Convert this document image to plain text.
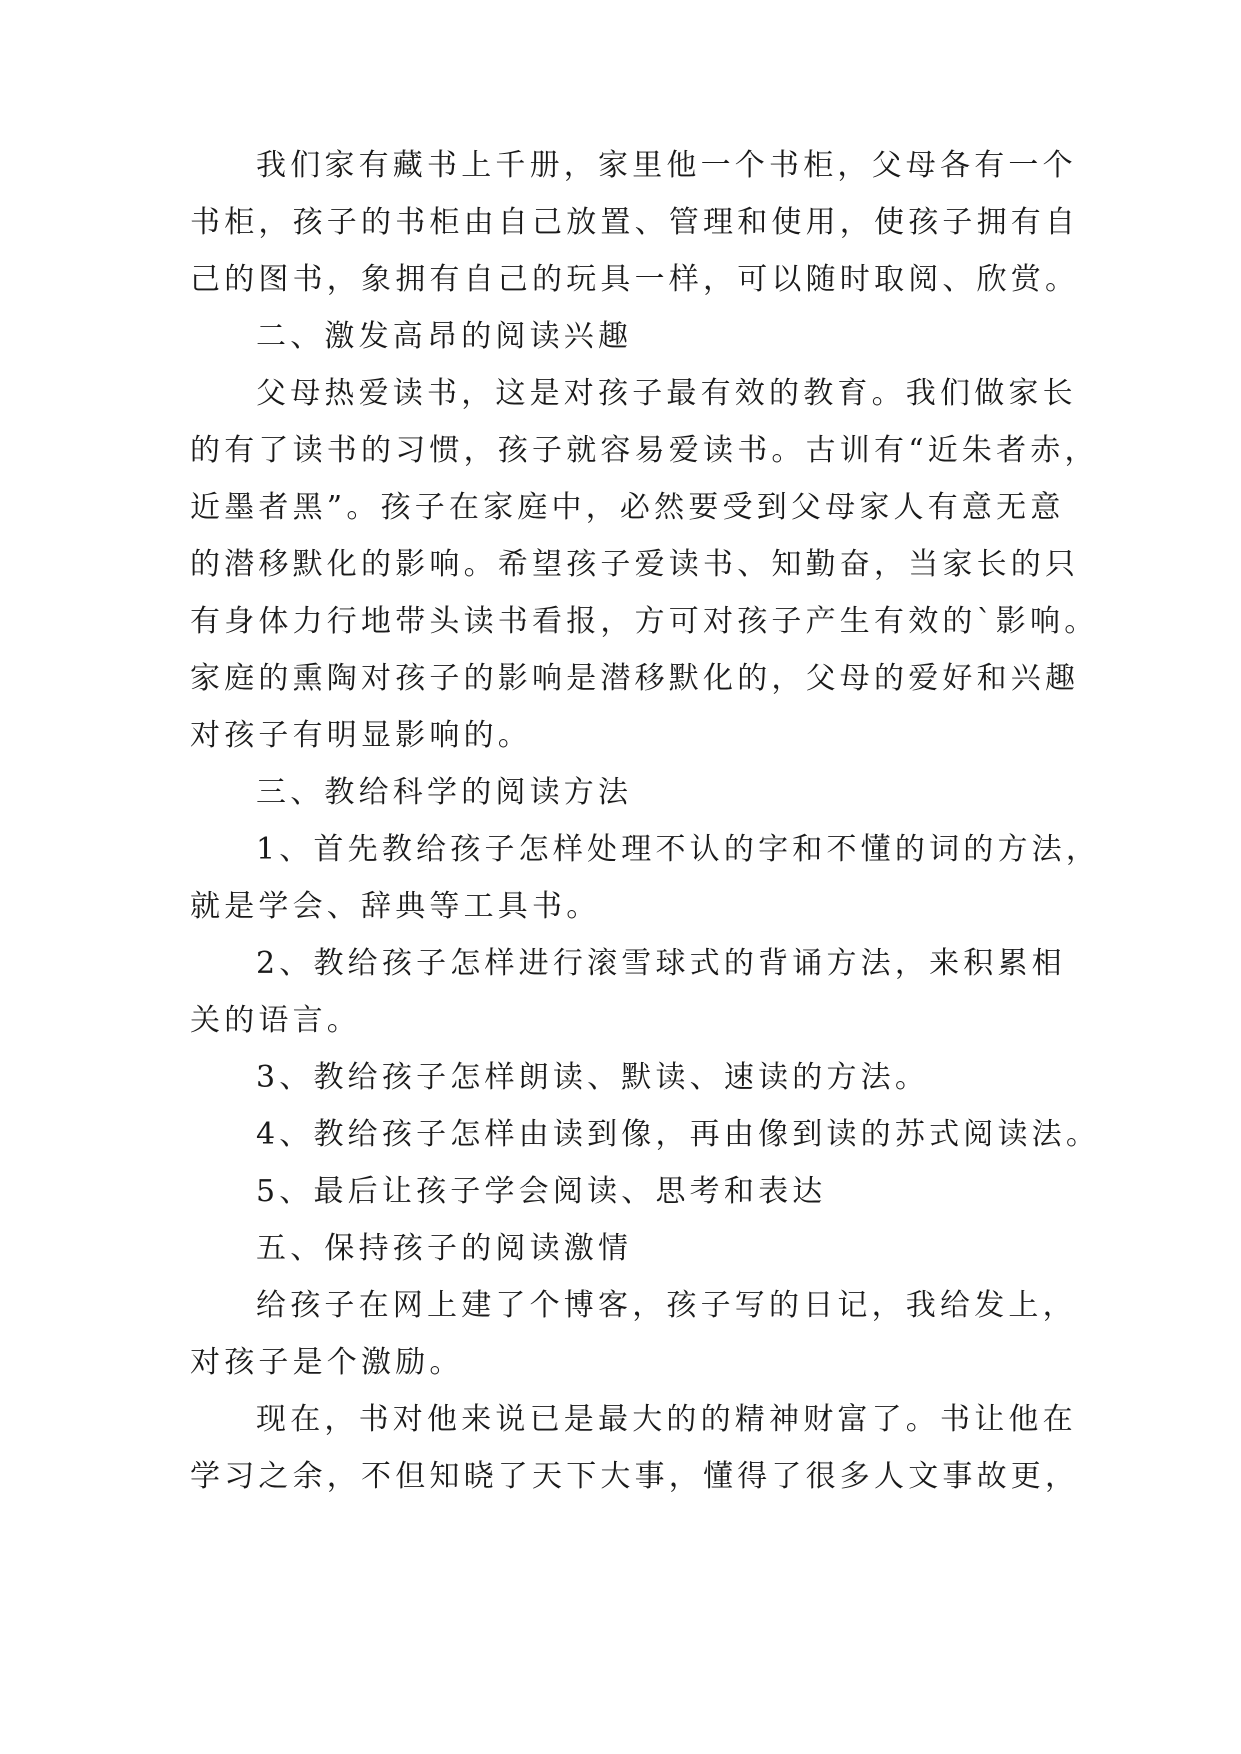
我们家有藏书上千册，家里他一个书柜，父母各有一个
书柜，孩子的书柜由自己放置、管理和使用，使孩子拥有自
己的图书，象拥有自己的玩具一样，可以随时取阅、欣赏。
二、激发高昂的阅读兴趣
父母热爱读书，这是对孩子最有效的教育。我们做家长
的有了读书的习惯，孩子就容易爱读书。古训有“近朱者赤，
近墨者黑”。孩子在家庭中，必然要受到父母家人有意无意
的潜移默化的影响。希望孩子爱读书、知勤奋，当家长的只
有身体力行地带头读书看报，方可对孩子产生有效的`影响。
家庭的熏陶对孩子的影响是潜移默化的，父母的爱好和兴趣
对孩子有明显影响的。
三、教给科学的阅读方法
1、首先教给孩子怎样处理不认的字和不懂的词的方法，
就是学会、辞典等工具书。
2、教给孩子怎样进行滚雪球式的背诵方法，来积累相
关的语言。
3、教给孩子怎样朗读、默读、速读的方法。
4、教给孩子怎样由读到像，再由像到读的苏式阅读法。
5、最后让孩子学会阅读、思考和表达
五、保持孩子的阅读激情
给孩子在网上建了个博客，孩子写的日记，我给发上，
对孩子是个激励。
现在，书对他来说已是最大的的精神财富了。书让他在
学习之余，不但知晓了天下大事，懂得了很多人文事故更，
